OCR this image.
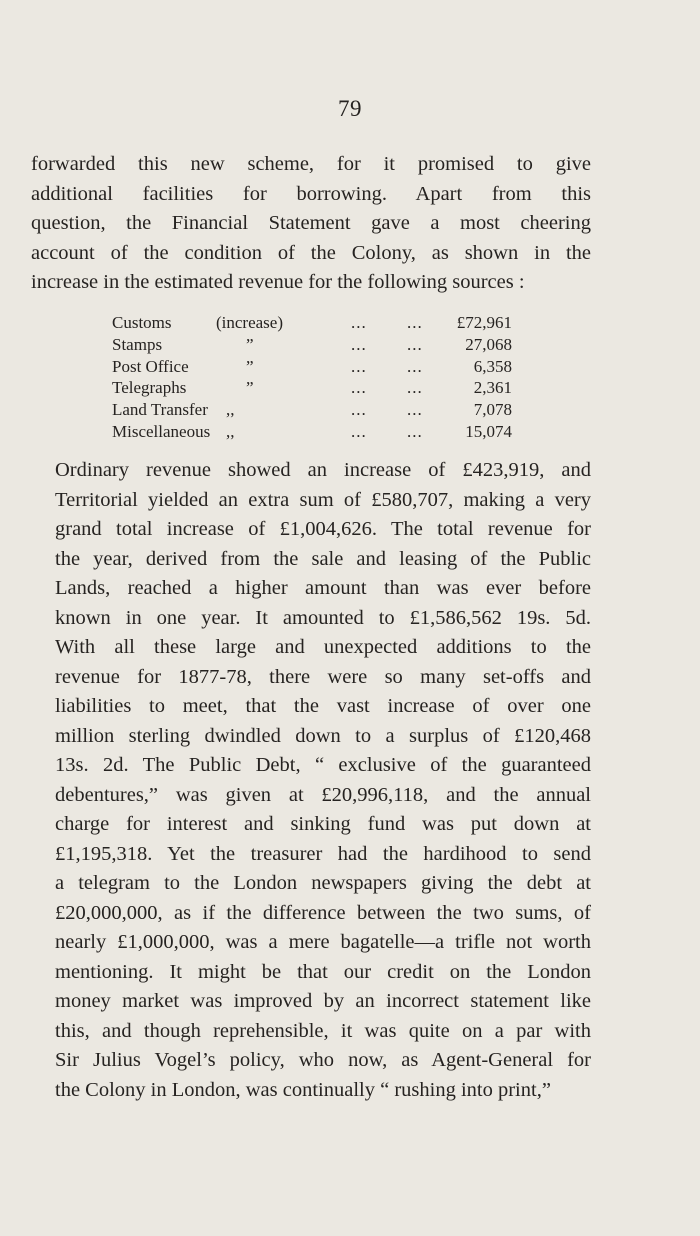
79

forwarded this new scheme, for it promised to give
additional facilities for borrowing. Apart from this
question, the Financial Statement gave a most cheering
account of the condition of the Colony, as shown in the
increase in the estimated revenue for the following sources :

Customs	(increase)	...	...	£72,961
Stamps	”	...	...	27,068
Post Office	”	...	...	6,358
Telegraphs	”	...	...	2,361
Land Transfer	,,	...	...	7,078
Miscellaneous	,,	...	...	15,074

Ordinary revenue showed an increase of £423,919, and
Territorial yielded an extra sum of £580,707, making a very
grand total increase of £1,004,626. The total revenue for
the year, derived from the sale and leasing of the Public
Lands, reached a higher amount than was ever before
known in one year. It amounted to £1,586,562 19s. 5d.
With all these large and unexpected additions to the
revenue for 1877-78, there were so many set-offs and
liabilities to meet, that the vast increase of over one
million sterling dwindled down to a surplus of £120,468
13s. 2d. The Public Debt, “ exclusive of the guaranteed
debentures,” was given at £20,996,118, and the annual
charge for interest and sinking fund was put down at
£1,195,318. Yet the treasurer had the hardihood to send
a telegram to the London newspapers giving the debt at
£20,000,000, as if the difference between the two sums, of
nearly £1,000,000, was a mere bagatelle—a trifle not worth
mentioning. It might be that our credit on the London
money market was improved by an incorrect statement like
this, and though reprehensible, it was quite on a par with
Sir Julius Vogel’s policy, who now, as Agent-General for
the Colony in London, was continually “ rushing into print,”
